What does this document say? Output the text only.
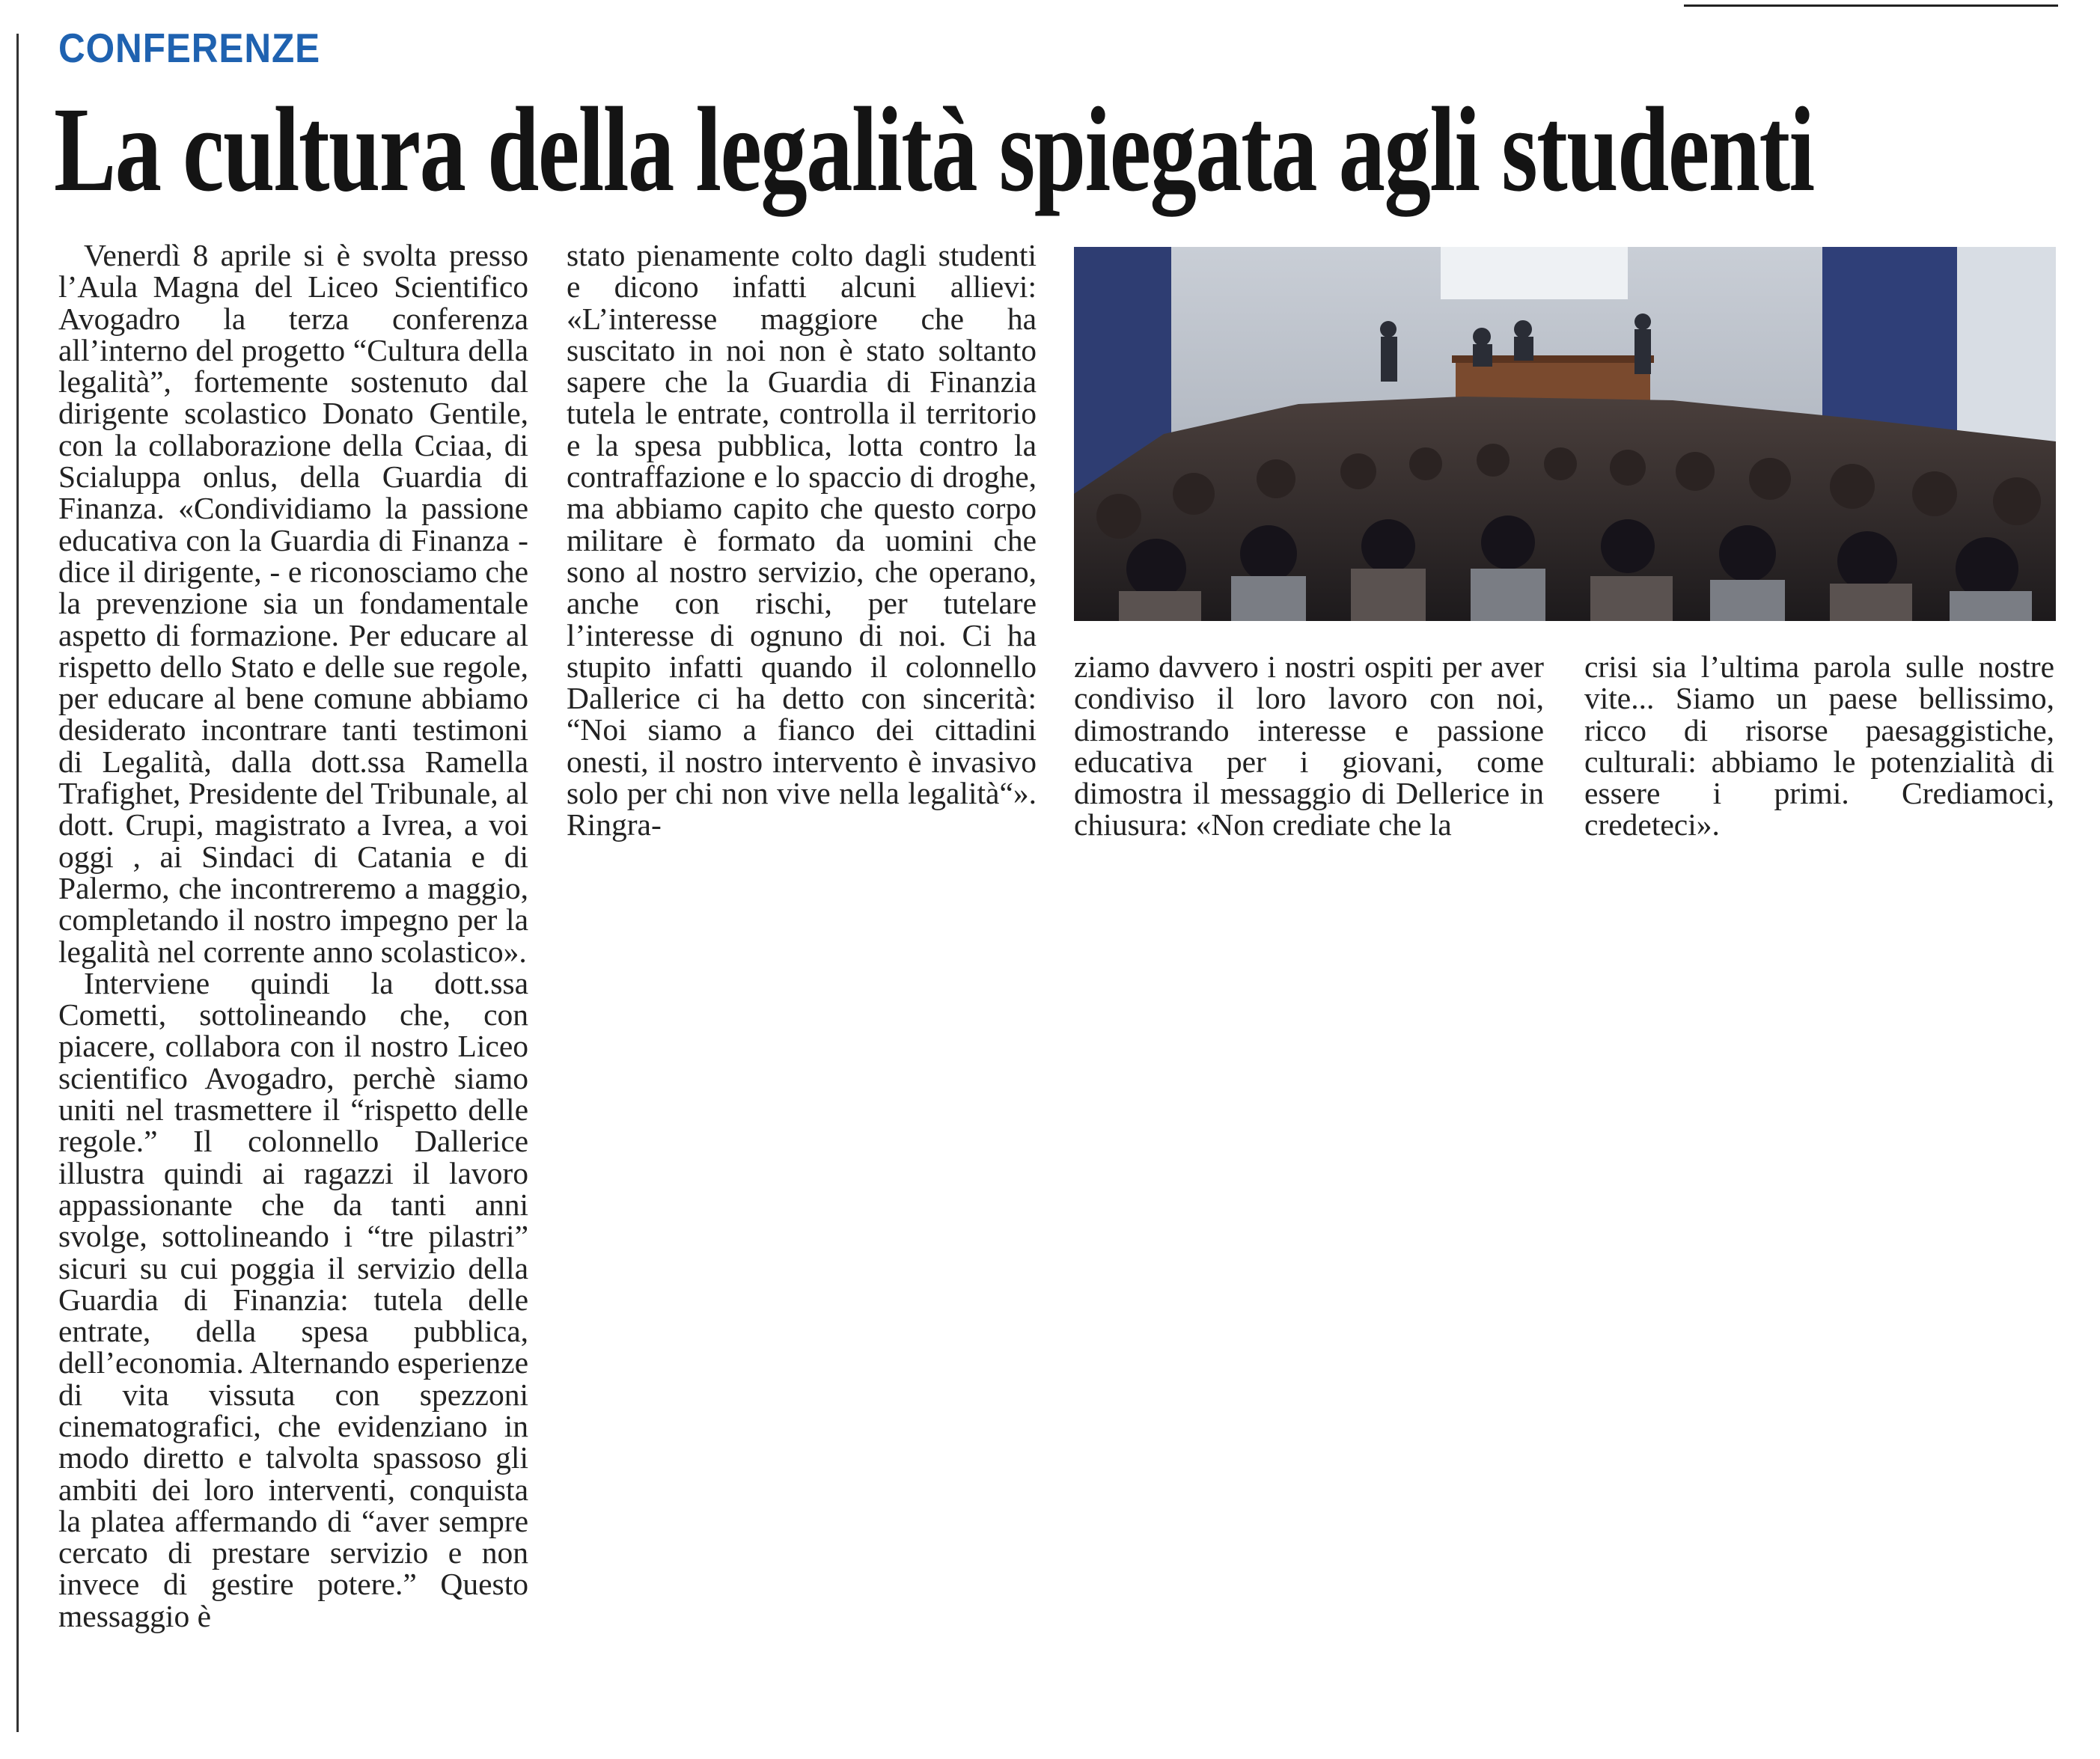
CONFERENZE
La cultura della legalità spiegata agli studenti

Venerdì 8 aprile si è svolta presso l’Aula Magna del Liceo Scientifico Avogadro la terza conferenza all’interno del progetto “Cultura della legalità”, fortemente sostenuto dal dirigente scolastico Donato Gentile, con la collaborazione della Cciaa, di Scialuppa onlus, della Guardia di Finanza. «Condividiamo la passione educativa con la Guardia di Finanza - dice il dirigente, - e riconosciamo che la prevenzione sia un fondamentale aspetto di formazione. Per educare al rispetto dello Stato e delle sue regole, per educare al bene comune abbiamo desiderato incontrare tanti testimoni di Legalità, dalla dott.ssa Ramella Trafighet, Presidente del Tribunale, al dott. Crupi, magistrato a Ivrea, a voi oggi , ai Sindaci di Catania e di Palermo, che incontreremo a maggio, completando il nostro impegno per la legalità nel corrente anno scolastico».

Interviene quindi la dott.ssa Cometti, sottolineando che, con piacere, collabora con il nostro Liceo scientifico Avogadro, perchè siamo uniti nel trasmettere il “rispetto delle regole.” Il colonnello Dallerice illustra quindi ai ragazzi il lavoro appassionante che da tanti anni svolge, sottolineando i “tre pilastri” sicuri su cui poggia il servizio della Guardia di Finanzia: tutela delle entrate, della spesa pubblica, dell’economia. Alternando esperienze di vita vissuta con spezzoni cinematografici, che evidenziano in modo diretto e talvolta spassoso gli ambiti dei loro interventi, conquista la platea affermando di “aver sempre cercato di prestare servizio e non invece di gestire potere.” Questo messaggio è

stato pienamente colto dagli studenti e dicono infatti alcuni allievi: «L’interesse maggiore che ha suscitato in noi non è stato soltanto sapere che la Guardia di Finanzia tutela le entrate, controlla il territorio e la spesa pubblica, lotta contro la contraffazione e lo spaccio di droghe, ma abbiamo capito che questo corpo militare è formato da uomini che sono al nostro servizio, che operano, anche con rischi, per tutelare l’interesse di ognuno di noi. Ci ha stupito infatti quando il colonnello Dallerice ci ha detto con sincerità: “Noi siamo a fianco dei cittadini onesti, il nostro intervento è invasivo solo per chi non vive nella legalità“». Ringra-

ziamo davvero i nostri ospiti per aver condiviso il loro lavoro con noi, dimostrando interesse e passione educativa per i giovani, come dimostra il messaggio di Dellerice in chiusura: «Non crediate che la

crisi sia l’ultima parola sulle nostre vite... Siamo un paese bellissimo, ricco di risorse paesaggistiche, culturali: abbiamo le potenzialità di essere i primi. Crediamoci, credeteci».
